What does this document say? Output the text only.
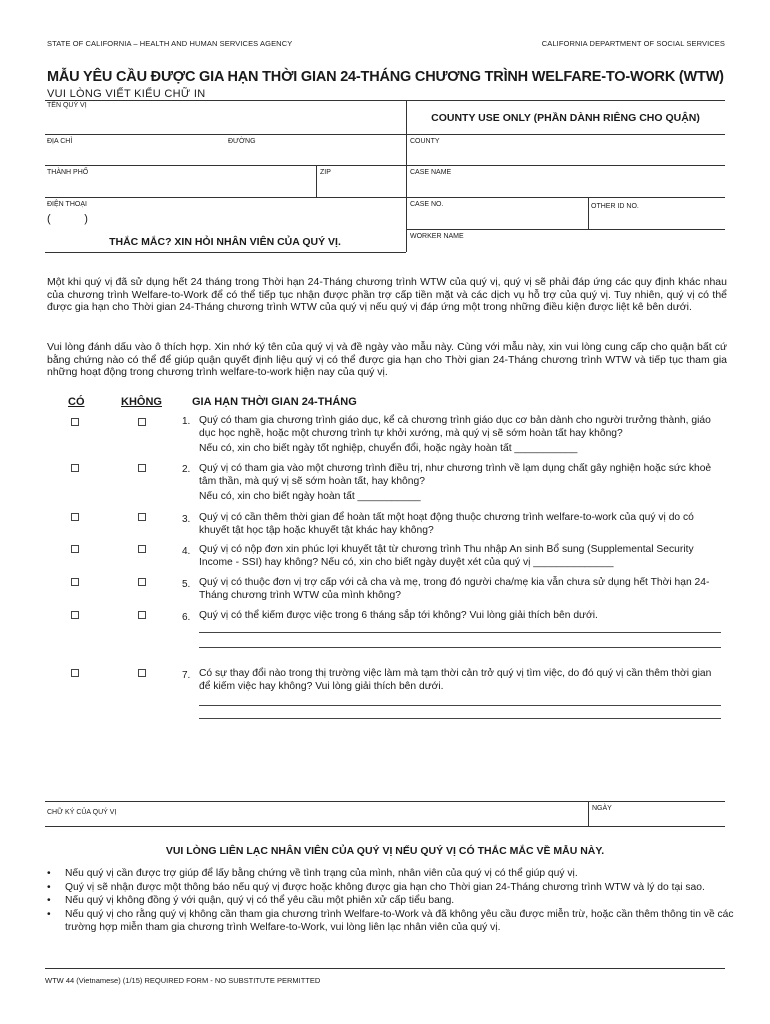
STATE OF CALIFORNIA – HEALTH AND HUMAN SERVICES AGENCY	CALIFORNIA DEPARTMENT OF SOCIAL SERVICES
MẪU YÊU CẦU ĐƯỢC GIA HẠN THỜI GIAN 24-THÁNG CHƯƠNG TRÌNH WELFARE-TO-WORK (WTW)
VUI LÒNG VIẾT KIỂU CHỮ IN
TÊN QUÝ VỊ
COUNTY USE ONLY (PHẦN DÀNH RIÊNG CHO QUẬN)
ĐỊA CHỈ	ĐƯỜNG	COUNTY
THÀNH PHỐ	ZIP	CASE NAME
ĐIỆN THOẠI
(           )
CASE NO.	OTHER ID NO.
THẮC MẮC? XIN HỎI NHÂN VIÊN CỦA QUÝ VỊ.	WORKER NAME
Một khi quý vị đã sử dụng hết 24 tháng trong Thời hạn 24-Tháng chương trình WTW của quý vị, quý vị sẽ phải đáp ứng các quy định khác nhau của chương trình Welfare-to-Work để có thể tiếp tục nhận được phần trợ cấp tiền mặt và các dịch vụ hỗ trợ của quý vị. Tuy nhiên, quý vị có thể được gia hạn cho Thời gian 24-Tháng chương trình WTW của quý vị nếu quý vị đáp ứng một trong những điều kiện được liệt kê bên dưới.
Vui lòng đánh dấu vào ô thích hợp. Xin nhớ ký tên của quý vị và đề ngày vào mẫu này. Cùng với mẫu này, xin vui lòng cung cấp cho quận bất cứ bằng chứng nào có thể để giúp quận quyết định liệu quý vị có thể được gia hạn cho Thời gian 24-Tháng chương trình WTW và tiếp tục tham gia những hoạt động trong chương trình welfare-to-work hiện nay của quý vị.
CÓ	KHÔNG	GIA HẠN THỜI GIAN 24-THÁNG
1. Quý có tham gia chương trình giáo dục, kể cả chương trình giáo dục cơ bản dành cho người trưởng thành, giáo dục học nghề, hoặc một chương trình tự khởi xướng, mà quý vị sẽ sớm hoàn tất hay không?
Nếu có, xin cho biết ngày tốt nghiệp, chuyển đổi, hoặc ngày hoàn tất ___________
2. Quý vị có tham gia vào một chương trình điều trị, như chương trình về lạm dụng chất gây nghiện hoặc sức khoẻ tâm thần, mà quý vị sẽ sớm hoàn tất, hay không?
Nếu có, xin cho biết ngày hoàn tất ___________
3. Quý vị có cần thêm thời gian để hoàn tất một hoạt động thuộc chương trình welfare-to-work của quý vị do có khuyết tật học tập hoặc khuyết tật khác hay không?
4. Quý vị có nộp đơn xin phúc lợi khuyết tật từ chương trình Thu nhập An sinh Bổ sung (Supplemental Security Income - SSI) hay không? Nếu có, xin cho biết ngày duyệt xét của quý vị ______________
5. Quý vị có thuộc đơn vị trợ cấp với cả cha và mẹ, trong đó người cha/mẹ kia vẫn chưa sử dụng hết Thời hạn 24-Tháng chương trình WTW của mình không?
6. Quý vị có thể kiếm được việc trong 6 tháng sắp tới không? Vui lòng giải thích bên dưới.
7. Có sự thay đổi nào trong thị trường việc làm mà tạm thời cản trở quý vị tìm việc, do đó quý vị cần thêm thời gian để kiếm việc hay không? Vui lòng giải thích bên dưới.
CHỮ KÝ CỦA QUÝ VỊ
NGÀY
VUI LÒNG LIÊN LẠC NHÂN VIÊN CỦA QUÝ VỊ NẾU QUÝ VỊ CÓ THẮC MẮC VỀ MẪU NÀY.
• Nếu quý vị cần được trợ giúp để lấy bằng chứng về tình trạng của mình, nhân viên của quý vị có thể giúp quý vị.
• Quý vị sẽ nhận được một thông báo nếu quý vị được hoặc không được gia hạn cho Thời gian 24-Tháng chương trình WTW và lý do tại sao.
• Nếu quý vị không đồng ý với quận, quý vị có thể yêu cầu một phiên xử cấp tiểu bang.
• Nếu quý vị cho rằng quý vị không cần tham gia chương trình Welfare-to-Work và đã không yêu cầu được miễn trừ, hoặc cần thêm thông tin về các trường hợp miễn tham gia chương trình Welfare-to-Work, vui lòng liên lạc nhân viên của quý vị.
WTW 44 (Vietnamese) (1/15) REQUIRED FORM - NO SUBSTITUTE PERMITTED
